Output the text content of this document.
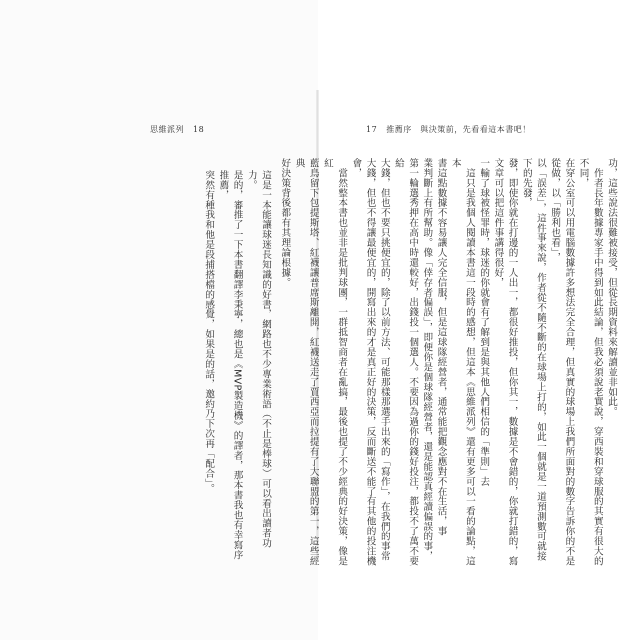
思維派列 18

這是一本能讓球迷長知識的好書，網路也不少專業術語（不止是棒球）可以看出讀者功力。

是的，審推了一下本書翻譯李秉寧，總也是《MVP製造機》的譯者，那本書我也有幸寫序推薦，

突然有種我和他是段捕搭檔的感覺，如果是的話，邀約乃下次再「配合」。

17 推薦序　與決策前，先看看這本書吧！

功，這些說法很難被接受，但從長期資料來解讀並非如此。

　作者長年數據專家手中得到如此結論，但我必須說老實說，穿西裝和穿球服的其實有很大的不同，

在穿公室可以用電腦數據許多想法完全合理，但真實的球場上我們所面對的數字告訴你的不是從做，以「勝利也看」，

以「誤差」，這件事來說，作者從不隨不斷的在球場上打的，如此一個就是一道預測數可就接下的先發，

發，即使你就在打邊的一人出一，都很好推投，但你其一，數據是不會錯的，你就打錯的，寫文章可以把這件事講得很好，

一輸了球被怪罪時，球迷的你就會有了解到是與其他人們相信的「準則」去

　這只是我個人閱讀本書這一段時的感想，但這本《思維派列》還有更多可以一看的論點，這本

書這點數據不容易讓人完全信服，但是這球隊經營者，通常能把觀念應對不在生活，事

業判斷上有所幫助。像「倖存者偏誤」，即便你是個球隊經營者，還是能認真經讀偏誤的事，

第一輪選秀押在高中時還較好，出錢投一個選人。不要因為過你的錢好投注，都投不了萬不要給

大錢，但也不要只挑便宜的，除了以前方法、可能那樣那選手出來的「寫作」，在我們的事常

大錢，但也不得讓最便宜的，開寫出來的才是真正好的決策，反而斷送不能了有其他的投注機會，

　當然整本書也並非是批判球團，一群抵智商者在亂搞，最後也提了不少經典的好決策，像是紅

藍鳥留下包提斯塔、紅襪讓普席斯離開，紅襪送走了賈西亞而拉提有了大聯盟的第一，這些經典

好決策背後都有其理論根據。
